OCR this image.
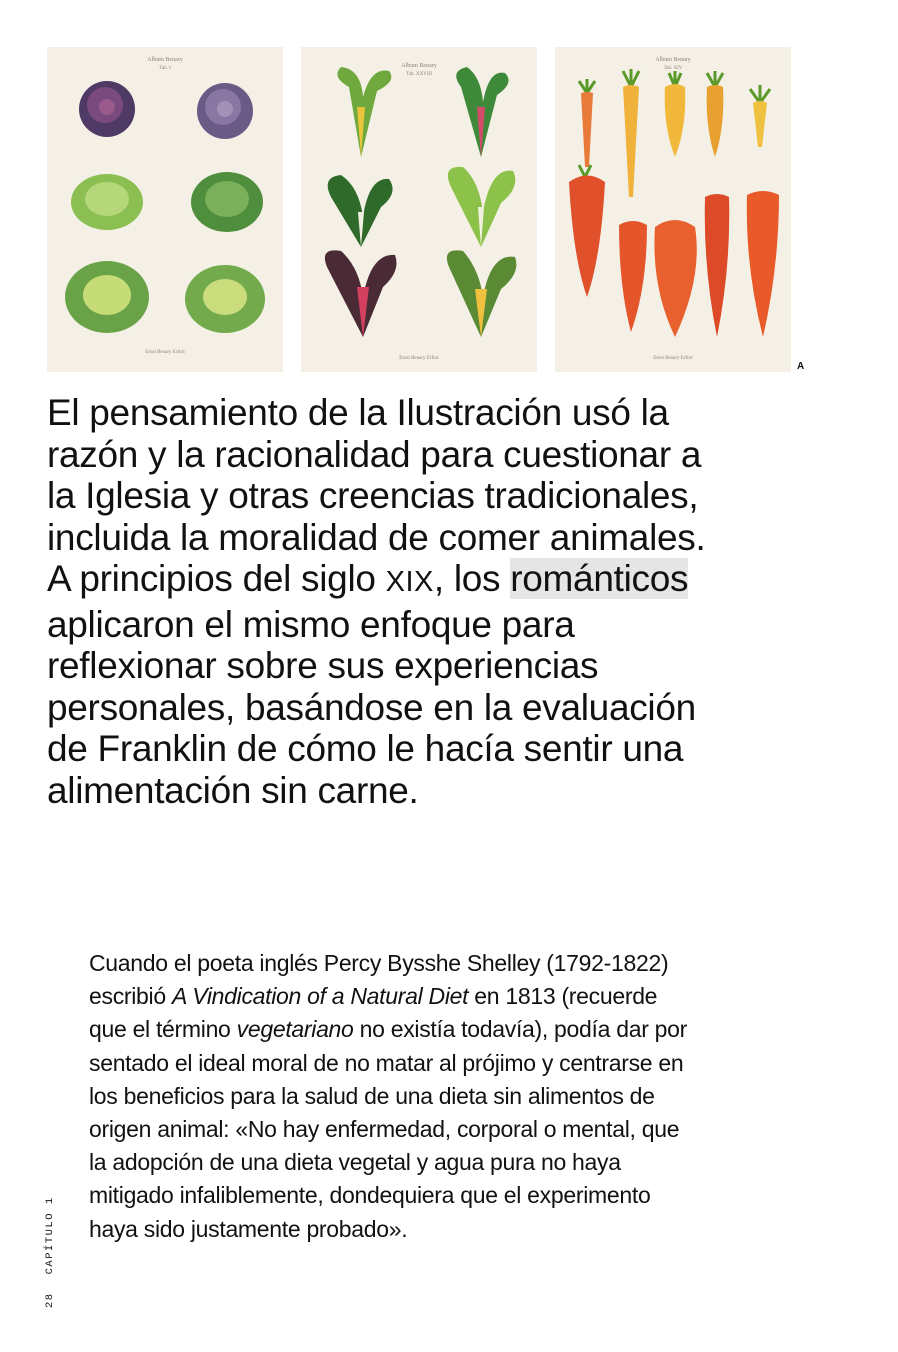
Album Benary
Tab. I
Ernst Benary Erfurt
Album Benary
Tab. XXVIII
Ernst Benary Erfurt
Album Benary
Tab. XIV
Ernst Benary Erfurt
A

El pensamiento de la Ilustración usó la razón y la racionalidad para cuestionar a la Iglesia y otras creencias tradicionales, incluida la moralidad de comer animales. A principios del siglo XIX, los románticos aplicaron el mismo enfoque para reflexionar sobre sus experiencias personales, basándose en la evaluación de Franklin de cómo le hacía sentir una alimentación sin carne.

Cuando el poeta inglés Percy Bysshe Shelley (1792-1822) escribió A Vindication of a Natural Diet en 1813 (recuerde que el término vegetariano no existía todavía), podía dar por sentado el ideal moral de no matar al prójimo y centrarse en los beneficios para la salud de una dieta sin alimentos de origen animal: «No hay enfermedad, corporal o mental, que la adopción de una dieta vegetal y agua pura no haya mitigado infaliblemente, dondequiera que el experimento haya sido justamente probado».

28CAPÍTULO 1
